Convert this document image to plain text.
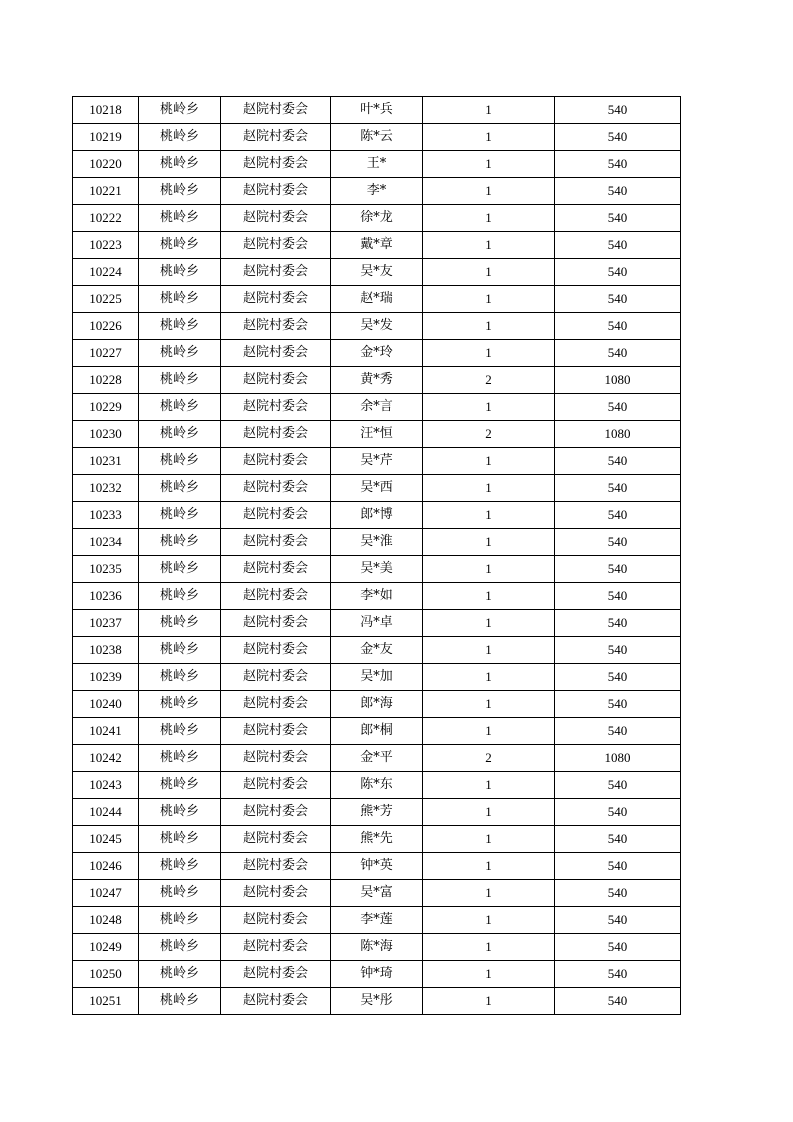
10218	桃岭乡	赵院村委会	叶*兵	1	540
10219	桃岭乡	赵院村委会	陈*云	1	540
10220	桃岭乡	赵院村委会	王*	1	540
10221	桃岭乡	赵院村委会	李*	1	540
10222	桃岭乡	赵院村委会	徐*龙	1	540
10223	桃岭乡	赵院村委会	戴*章	1	540
10224	桃岭乡	赵院村委会	吴*友	1	540
10225	桃岭乡	赵院村委会	赵*瑞	1	540
10226	桃岭乡	赵院村委会	吴*发	1	540
10227	桃岭乡	赵院村委会	金*玲	1	540
10228	桃岭乡	赵院村委会	黄*秀	2	1080
10229	桃岭乡	赵院村委会	余*言	1	540
10230	桃岭乡	赵院村委会	汪*恒	2	1080
10231	桃岭乡	赵院村委会	吴*芹	1	540
10232	桃岭乡	赵院村委会	吴*西	1	540
10233	桃岭乡	赵院村委会	郎*博	1	540
10234	桃岭乡	赵院村委会	吴*淮	1	540
10235	桃岭乡	赵院村委会	吴*美	1	540
10236	桃岭乡	赵院村委会	李*如	1	540
10237	桃岭乡	赵院村委会	冯*卓	1	540
10238	桃岭乡	赵院村委会	金*友	1	540
10239	桃岭乡	赵院村委会	吴*加	1	540
10240	桃岭乡	赵院村委会	郎*海	1	540
10241	桃岭乡	赵院村委会	郎*桐	1	540
10242	桃岭乡	赵院村委会	金*平	2	1080
10243	桃岭乡	赵院村委会	陈*东	1	540
10244	桃岭乡	赵院村委会	熊*芳	1	540
10245	桃岭乡	赵院村委会	熊*先	1	540
10246	桃岭乡	赵院村委会	钟*英	1	540
10247	桃岭乡	赵院村委会	吴*富	1	540
10248	桃岭乡	赵院村委会	李*莲	1	540
10249	桃岭乡	赵院村委会	陈*海	1	540
10250	桃岭乡	赵院村委会	钟*琦	1	540
10251	桃岭乡	赵院村委会	吴*彤	1	540
